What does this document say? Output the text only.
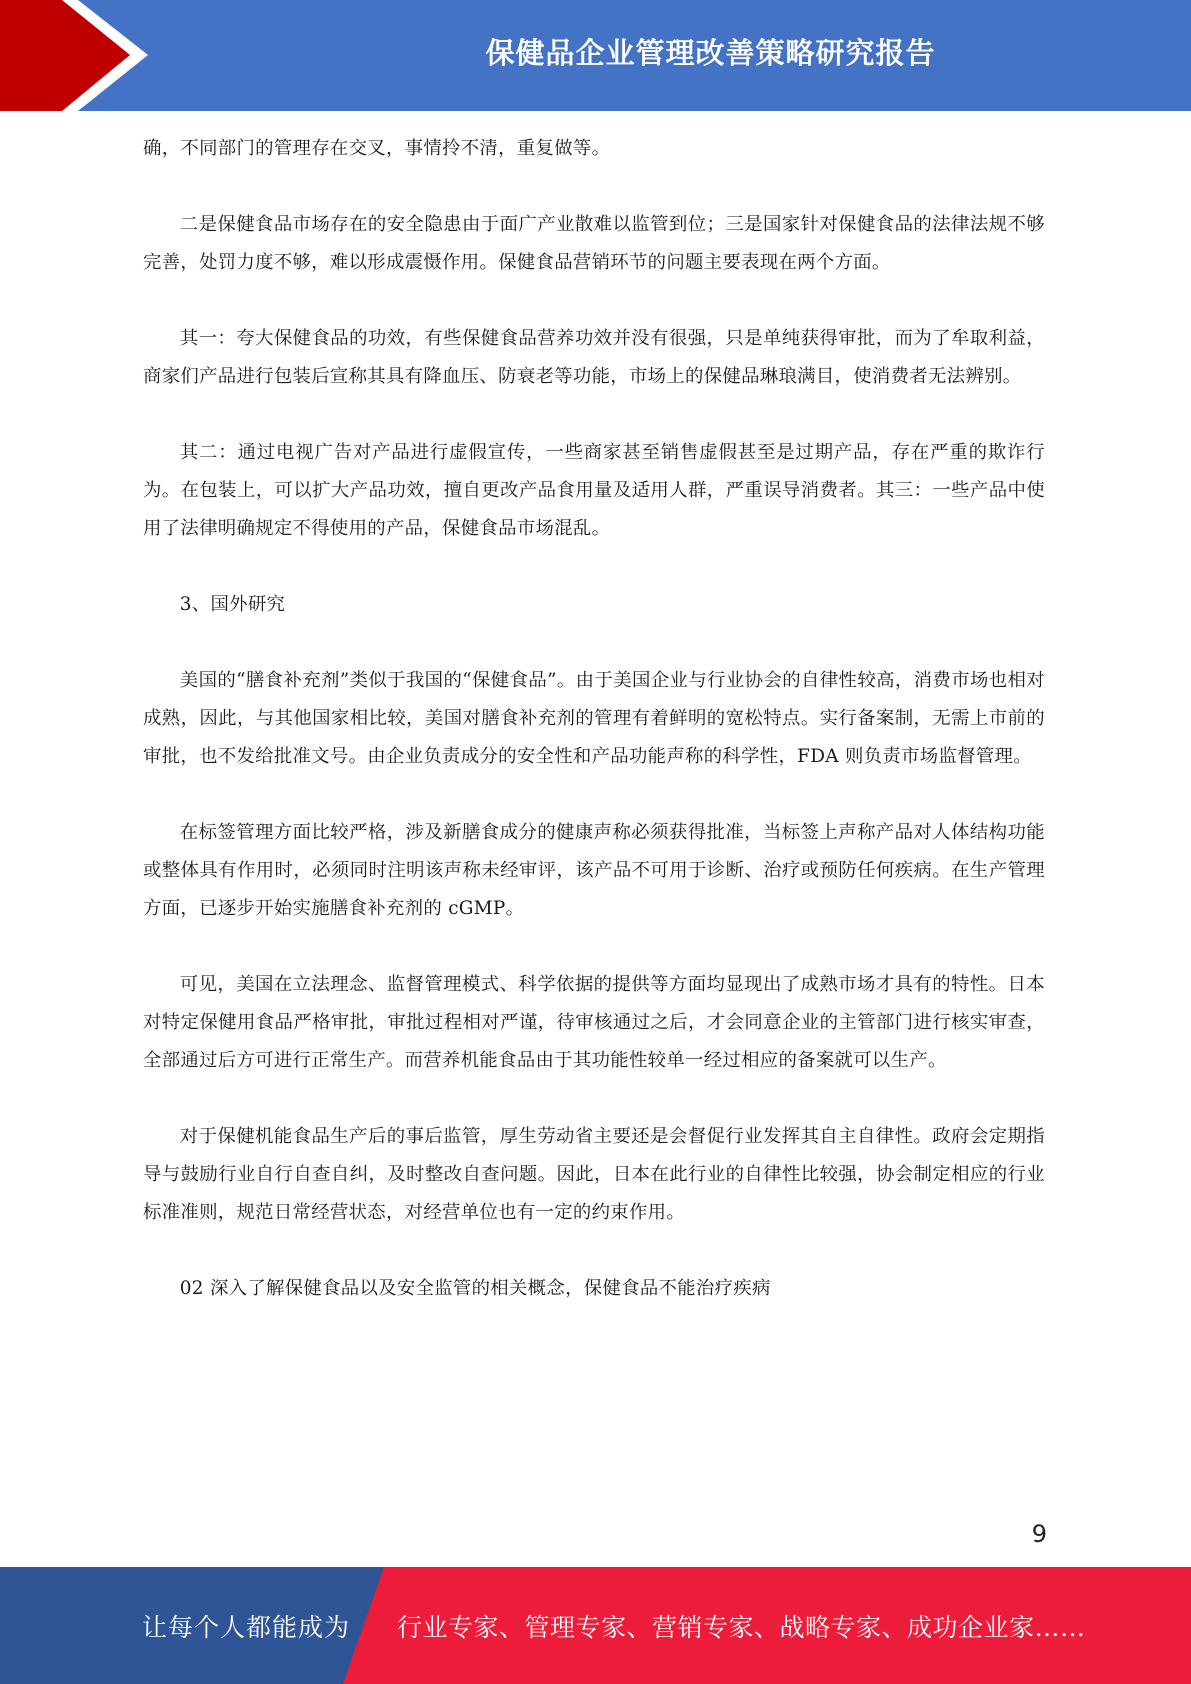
保健品企业管理改善策略研究报告

确，不同部门的管理存在交叉，事情拎不清，重复做等。

二是保健食品市场存在的安全隐患由于面广产业散难以监管到位；三是国家针对保健食品的法律法规不够完善，处罚力度不够，难以形成震慑作用。保健食品营销环节的问题主要表现在两个方面。

其一：夸大保健食品的功效，有些保健食品营养功效并没有很强，只是单纯获得审批，而为了牟取利益，商家们产品进行包装后宣称其具有降血压、防衰老等功能，市场上的保健品琳琅满目，使消费者无法辨别。

其二：通过电视广告对产品进行虚假宣传，一些商家甚至销售虚假甚至是过期产品，存在严重的欺诈行为。在包装上，可以扩大产品功效，擅自更改产品食用量及适用人群，严重误导消费者。其三：一些产品中使用了法律明确规定不得使用的产品，保健食品市场混乱。

3、国外研究

美国的“膳食补充剂”类似于我国的“保健食品”。由于美国企业与行业协会的自律性较高，消费市场也相对成熟，因此，与其他国家相比较，美国对膳食补充剂的管理有着鲜明的宽松特点。实行备案制，无需上市前的审批，也不发给批准文号。由企业负责成分的安全性和产品功能声称的科学性，FDA 则负责市场监督管理。

在标签管理方面比较严格，涉及新膳食成分的健康声称必须获得批准，当标签上声称产品对人体结构功能或整体具有作用时，必须同时注明该声称未经审评，该产品不可用于诊断、治疗或预防任何疾病。在生产管理方面，已逐步开始实施膳食补充剂的 cGMP。

可见，美国在立法理念、监督管理模式、科学依据的提供等方面均显现出了成熟市场才具有的特性。日本对特定保健用食品严格审批，审批过程相对严谨，待审核通过之后，才会同意企业的主管部门进行核实审查，全部通过后方可进行正常生产。而营养机能食品由于其功能性较单一经过相应的备案就可以生产。

对于保健机能食品生产后的事后监管，厚生劳动省主要还是会督促行业发挥其自主自律性。政府会定期指导与鼓励行业自行自查自纠，及时整改自查问题。因此，日本在此行业的自律性比较强，协会制定相应的行业标准准则，规范日常经营状态，对经营单位也有一定的约束作用。

02 深入了解保健食品以及安全监管的相关概念，保健食品不能治疗疾病

9
让每个人都能成为 行业专家、管理专家、营销专家、战略专家、成功企业家……
